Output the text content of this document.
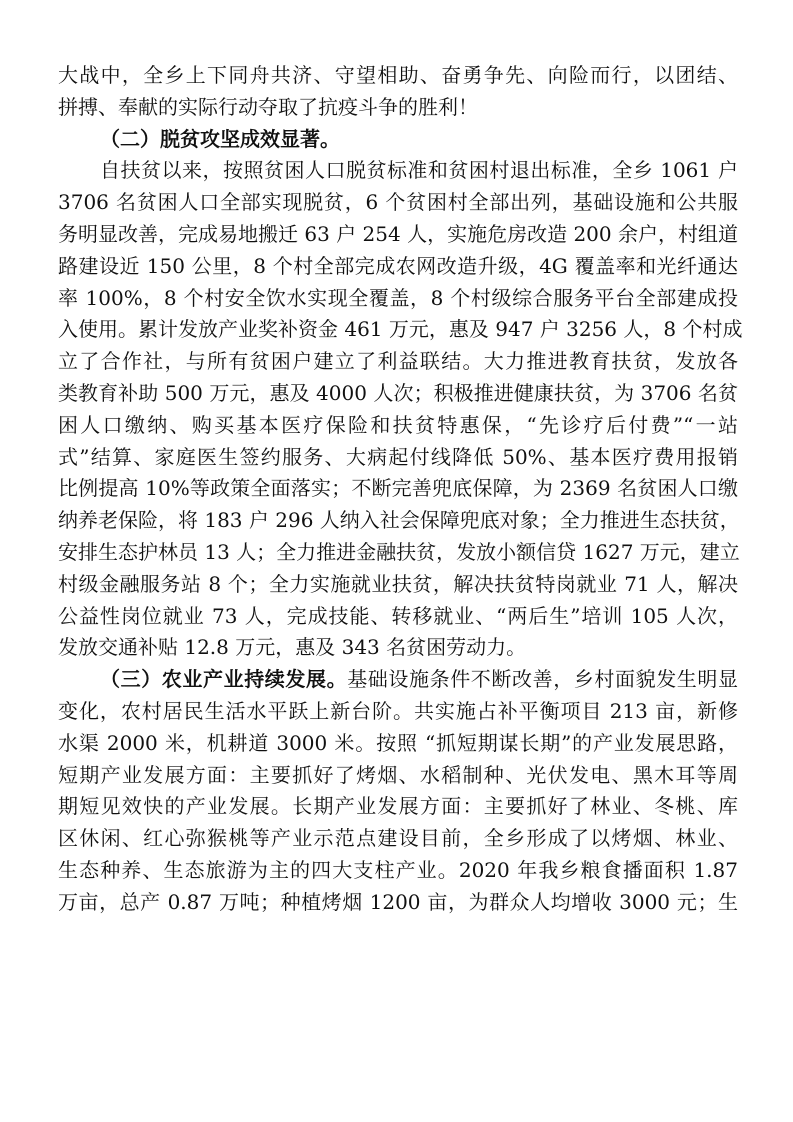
大战中，全乡上下同舟共济、守望相助、奋勇争先、向险而行，以团结、
拼搏、奉献的实际行动夺取了抗疫斗争的胜利！
（二）脱贫攻坚成效显著。
自扶贫以来，按照贫困人口脱贫标准和贫困村退出标准，全乡 1061 户
3706 名贫困人口全部实现脱贫，6 个贫困村全部出列，基础设施和公共服
务明显改善，完成易地搬迁 63 户 254 人，实施危房改造 200 余户，村组道
路建设近 150 公里，8 个村全部完成农网改造升级，4G 覆盖率和光纤通达
率 100%，8 个村安全饮水实现全覆盖，8 个村级综合服务平台全部建成投
入使用。累计发放产业奖补资金 461 万元，惠及 947 户 3256 人，8 个村成
立了合作社，与所有贫困户建立了利益联结。大力推进教育扶贫，发放各
类教育补助 500 万元，惠及 4000 人次；积极推进健康扶贫，为 3706 名贫
困人口缴纳、购买基本医疗保险和扶贫特惠保，“先诊疗后付费”“一站
式”结算、家庭医生签约服务、大病起付线降低 50%、基本医疗费用报销
比例提高 10%等政策全面落实；不断完善兜底保障，为 2369 名贫困人口缴
纳养老保险，将 183 户 296 人纳入社会保障兜底对象；全力推进生态扶贫，
安排生态护林员 13 人；全力推进金融扶贫，发放小额信贷 1627 万元，建立
村级金融服务站 8 个；全力实施就业扶贫，解决扶贫特岗就业 71 人，解决
公益性岗位就业 73 人，完成技能、转移就业、“两后生”培训 105 人次，
发放交通补贴 12.8 万元，惠及 343 名贫困劳动力。
（三）农业产业持续发展。基础设施条件不断改善，乡村面貌发生明显
变化，农村居民生活水平跃上新台阶。共实施占补平衡项目 213 亩，新修
水渠 2000 米，机耕道 3000 米。按照 “抓短期谋长期”的产业发展思路，
短期产业发展方面：主要抓好了烤烟、水稻制种、光伏发电、黑木耳等周
期短见效快的产业发展。长期产业发展方面：主要抓好了林业、冬桃、库
区休闲、红心弥猴桃等产业示范点建设目前，全乡形成了以烤烟、林业、
生态种养、生态旅游为主的四大支柱产业。2020 年我乡粮食播面积 1.87
万亩，总产 0.87 万吨；种植烤烟 1200 亩，为群众人均增收 3000 元；生
